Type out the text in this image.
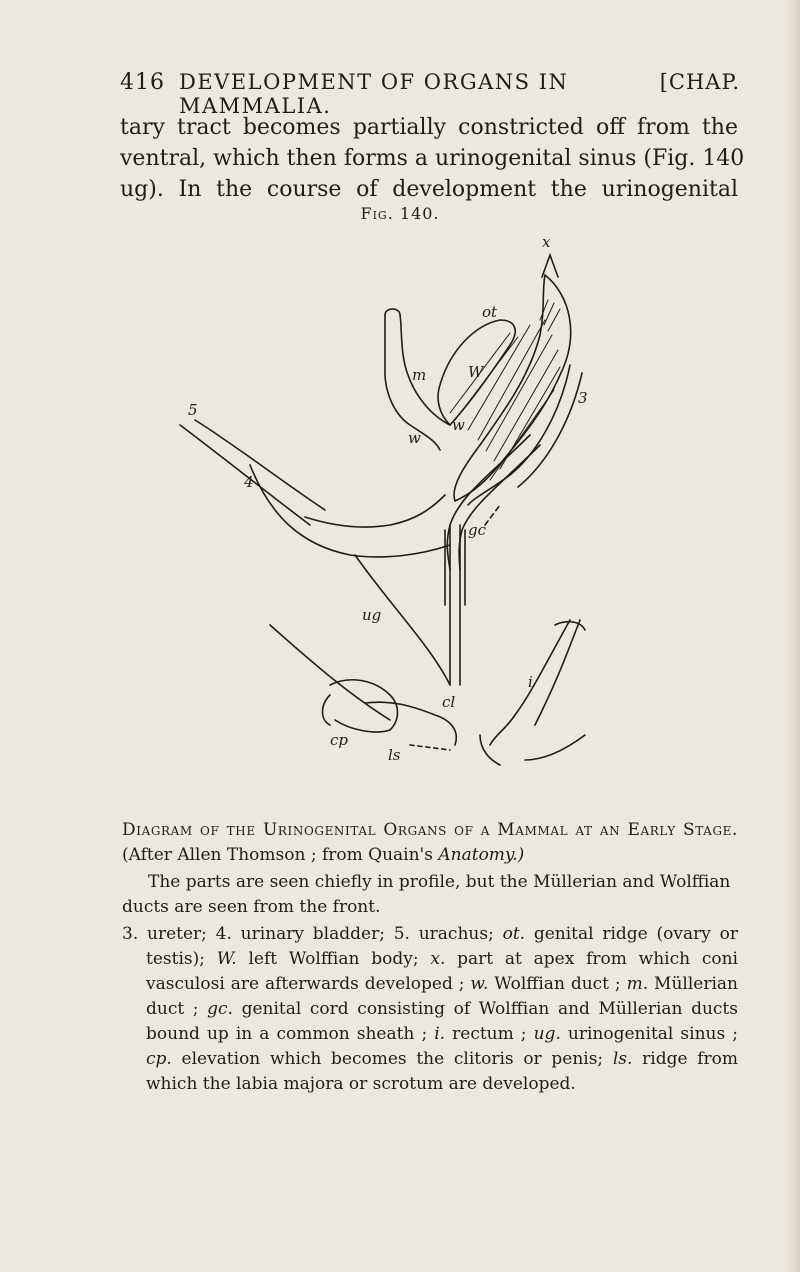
416 DEVELOPMENT OF ORGANS IN MAMMALIA.
[CHAP.
tary tract becomes partially constricted off from the
ventral, which then forms a urinogenital sinus (Fig. 140
ug). In the course of development the urinogenital
Fig. 140.
x
ot
W
m
w
w
5
4
3
gc
ug
i
cl
cp
ls

Diagram of the Urinogenital Organs of a Mammal at an Early Stage. (After Allen Thomson ; from Quain's Anatomy.)

The parts are seen chiefly in profile, but the Müllerian and Wolffian ducts are seen from the front.

3. ureter; 4. urinary bladder; 5. urachus; ot. genital ridge (ovary or testis); W. left Wolffian body; x. part at apex from which coni vasculosi are afterwards developed ; w. Wolffian duct ; m. Müllerian duct ; gc. genital cord consisting of Wolffian and Müllerian ducts bound up in a common sheath ; i. rectum ; ug. urinogenital sinus ; cp. elevation which becomes the clitoris or penis; ls. ridge from which the labia majora or scrotum are developed.
